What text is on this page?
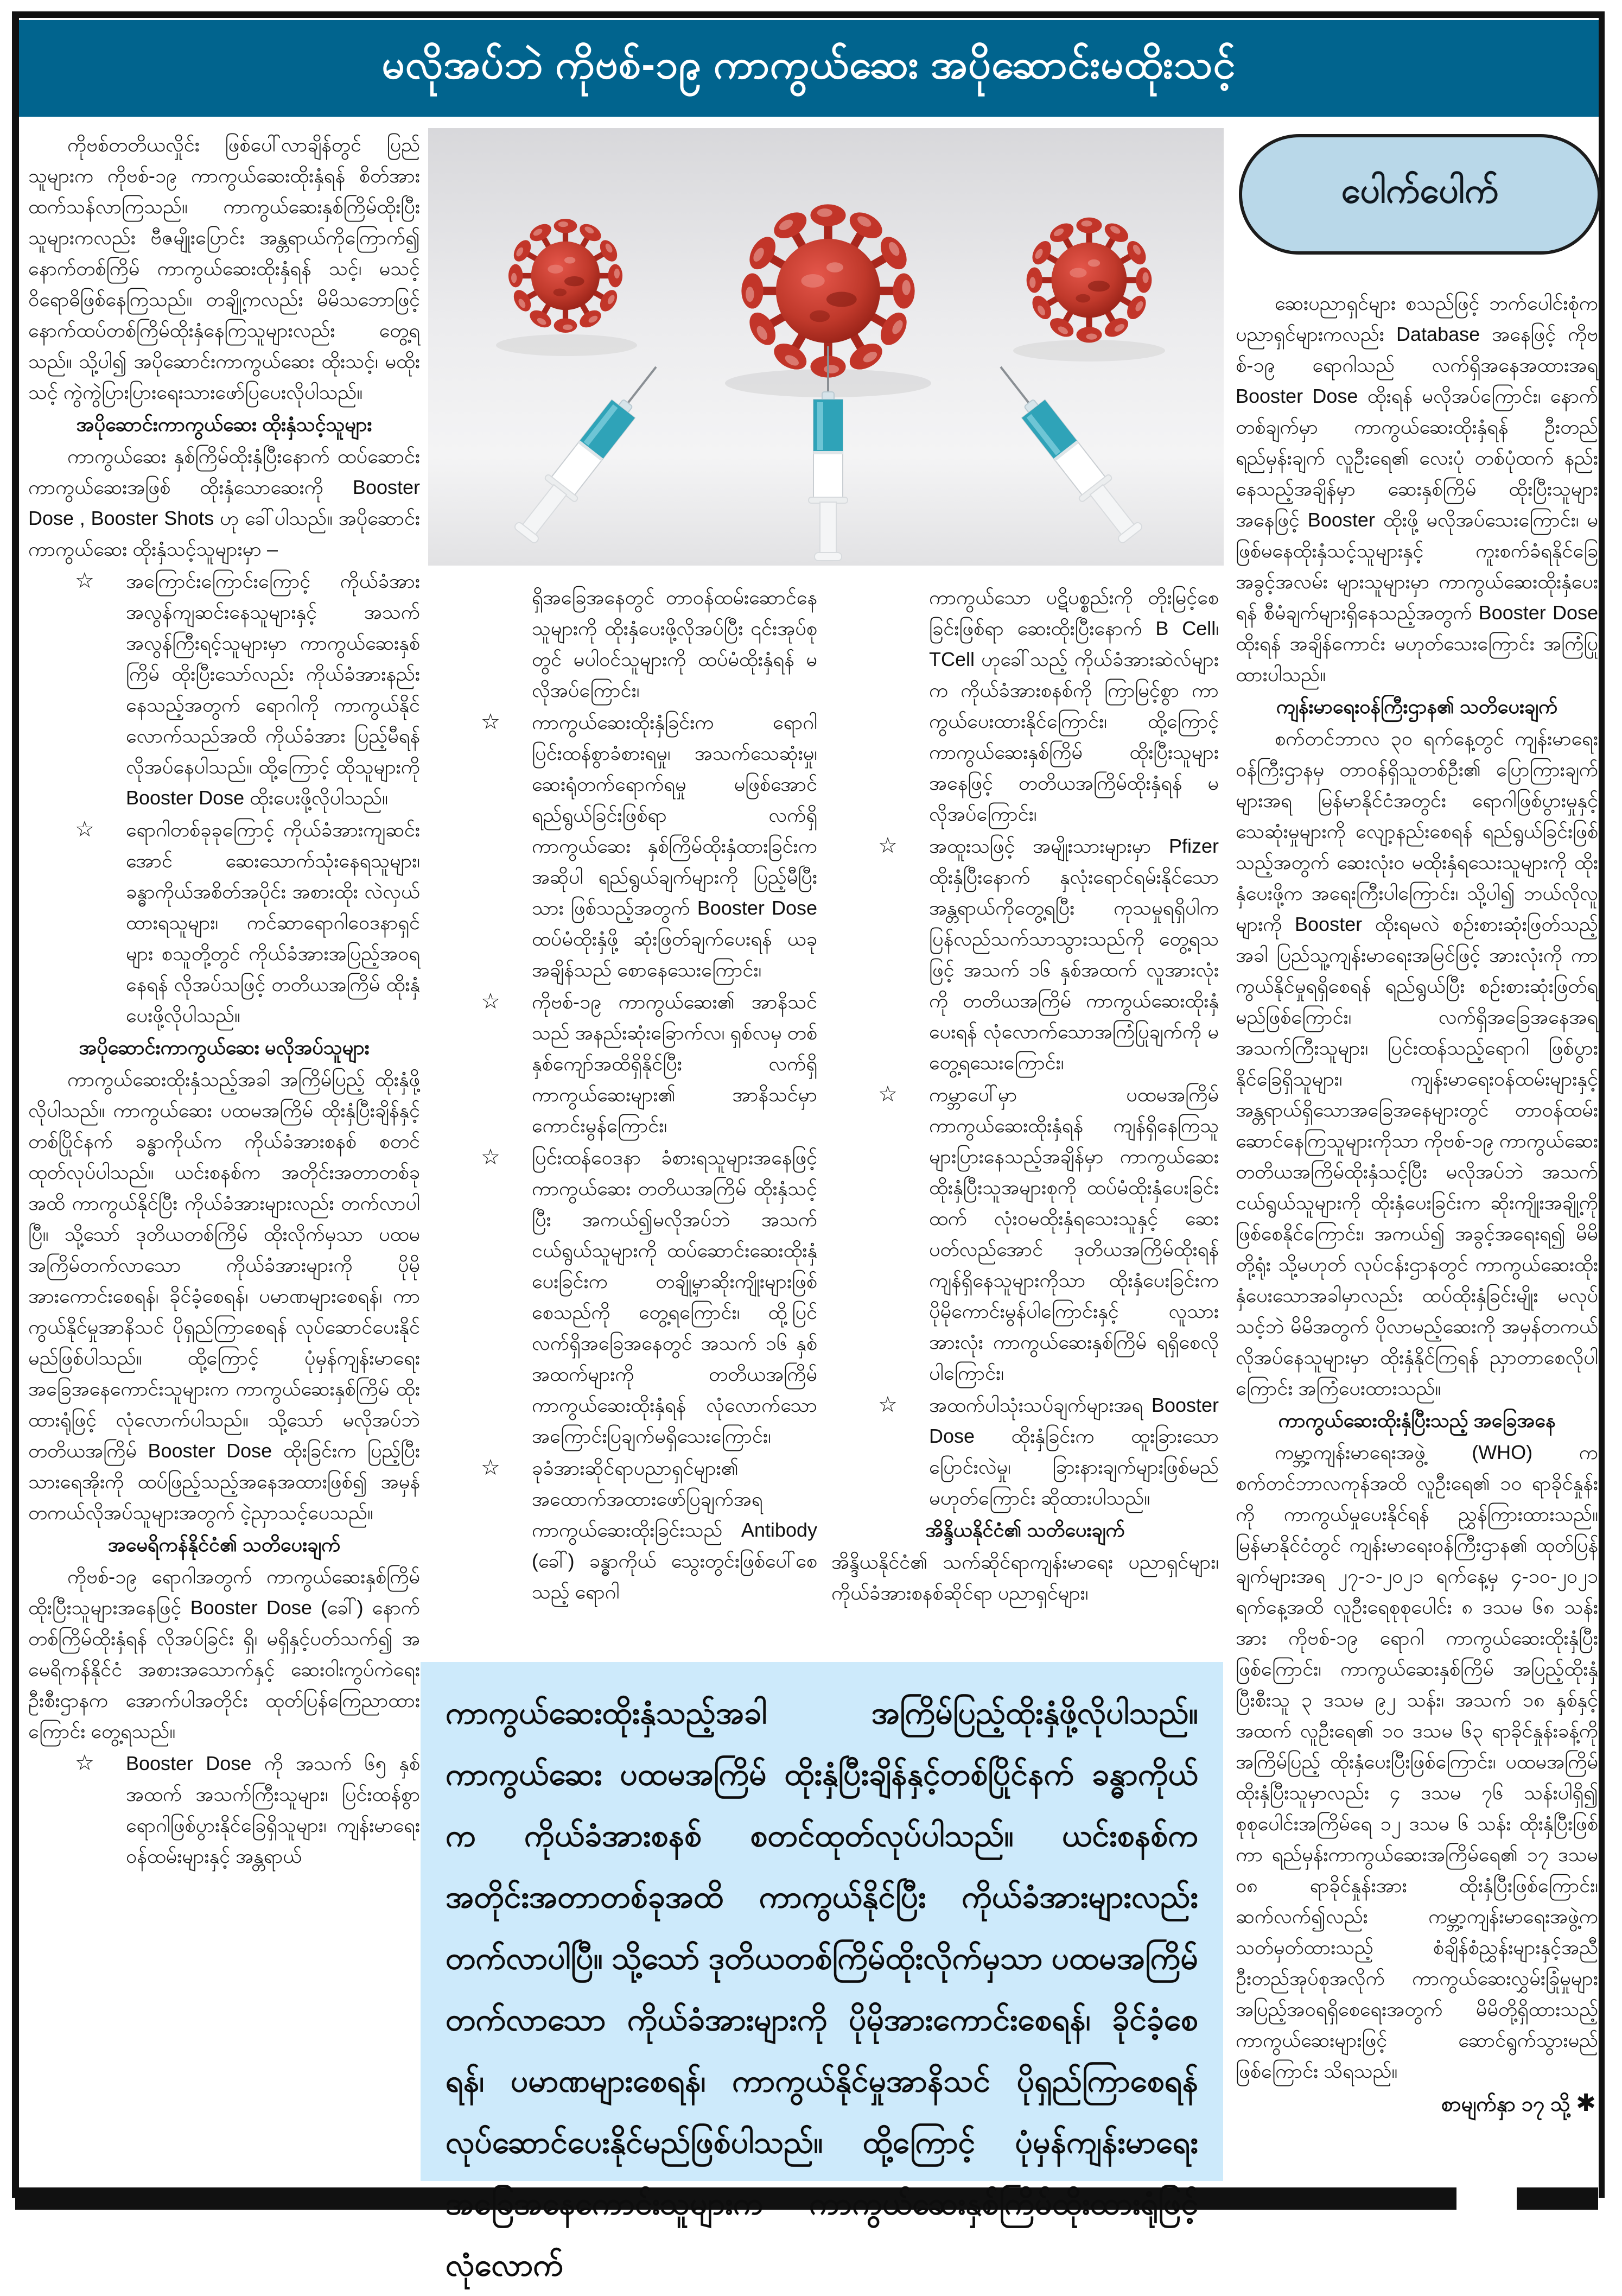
မလိုအပ်ဘဲ ကိုဗစ်-၁၉ ကာကွယ်ဆေး အပိုဆောင်းမထိုးသင့်
ပေါက်ပေါက်

ကိုဗစ်တတိယလှိုင်း ဖြစ်ပေါ်လာချိန်တွင် ပြည်သူများက ကိုဗစ်-၁၉ ကာကွယ်ဆေးထိုးနှံရန် စိတ်အားထက်သန်လာကြသည်။ ကာကွယ်ဆေးနှစ်ကြိမ်ထိုးပြီးသူများကလည်း ဗီဇမျိုးပြောင်း အန္တရာယ်ကိုကြောက်၍ နောက်တစ်ကြိမ် ကာကွယ်ဆေးထိုးနှံရန် သင့်၊ မသင့် ဝိရောဓိဖြစ်နေကြသည်။ တချို့ကလည်း မိမိသဘောဖြင့် နောက်ထပ်တစ်ကြိမ်ထိုးနှံနေကြသူများလည်း တွေ့ရသည်။ သို့ပါ၍ အပိုဆောင်းကာကွယ်ဆေး ထိုးသင့်၊ မထိုးသင့် ကွဲကွဲပြားပြားရေးသားဖော်ပြပေးလိုပါသည်။

အပိုဆောင်းကာကွယ်ဆေး ထိုးနှံသင့်သူများ

ကာကွယ်ဆေး နှစ်ကြိမ်ထိုးနှံပြီးနောက် ထပ်ဆောင်းကာကွယ်ဆေးအဖြစ် ထိုးနှံသောဆေးကို Booster Dose , Booster Shots ဟု ခေါ်ပါသည်။ အပိုဆောင်းကာကွယ်ဆေး ထိုးနှံသင့်သူများမှာ –

☆ အကြောင်းကြောင်းကြောင့် ကိုယ်ခံအား အလွန်ကျဆင်းနေသူများနှင့် အသက်အလွန်ကြီးရင့်သူများမှာ ကာကွယ်ဆေးနှစ်ကြိမ် ထိုးပြီးသော်လည်း ကိုယ်ခံအားနည်းနေသည့်အတွက် ရောဂါကို ကာကွယ်နိုင်လောက်သည်အထိ ကိုယ်ခံအား ပြည့်မီရန် လိုအပ်နေပါသည်။ ထို့ကြောင့် ထိုသူများကို Booster Dose ထိုးပေးဖို့လိုပါသည်။
☆ ရောဂါတစ်ခုခုကြောင့် ကိုယ်ခံအားကျဆင်းအောင် ဆေးသောက်သုံးနေရသူများ၊ ခန္ဓာကိုယ်အစိတ်အပိုင်း အစားထိုး လဲလှယ်ထားရသူများ၊ ကင်ဆာရောဂါဝေဒနာရှင်များ စသူတို့တွင် ကိုယ်ခံအားအပြည့်အဝရနေရန် လိုအပ်သဖြင့် တတိယအကြိမ် ထိုးနှံပေးဖို့လိုပါသည်။

အပိုဆောင်းကာကွယ်ဆေး မလိုအပ်သူများ

ကာကွယ်ဆေးထိုးနှံသည့်အခါ အကြိမ်ပြည့် ထိုးနှံဖို့လိုပါသည်။ ကာကွယ်ဆေး ပထမအကြိမ် ထိုးနှံပြီးချိန်နှင့်တစ်ပြိုင်နက် ခန္ဓာကိုယ်က ကိုယ်ခံအားစနစ် စတင်ထုတ်လုပ်ပါသည်။ ယင်းစနစ်က အတိုင်းအတာတစ်ခုအထိ ကာကွယ်နိုင်ပြီး ကိုယ်ခံအားများလည်း တက်လာပါပြီ။ သို့သော် ဒုတိယတစ်ကြိမ် ထိုးလိုက်မှသာ ပထမအကြိမ်တက်လာသော ကိုယ်ခံအားများကို ပိုမိုအားကောင်းစေရန်၊ ခိုင်ခံ့စေရန်၊ ပမာဏများစေရန်၊ ကာကွယ်နိုင်မှုအာနိသင် ပိုရှည်ကြာစေရန် လုပ်ဆောင်ပေးနိုင်မည်ဖြစ်ပါသည်။ ထို့ကြောင့် ပုံမှန်ကျန်းမာရေးအခြေအနေကောင်းသူများက ကာကွယ်ဆေးနှစ်ကြိမ် ထိုးထားရုံဖြင့် လုံလောက်ပါသည်။ သို့သော် မလိုအပ်ဘဲ တတိယအကြိမ် Booster Dose ထိုးခြင်းက ပြည့်ပြီးသားရေအိုးကို ထပ်ဖြည့်သည့်အနေအထားဖြစ်၍ အမှန်တကယ်လိုအပ်သူများအတွက် ငဲ့ညှာသင့်ပေသည်။

အမေရိကန်နိုင်ငံ၏ သတိပေးချက်

ကိုဗစ်-၁၉ ရောဂါအတွက် ကာကွယ်ဆေးနှစ်ကြိမ်ထိုးပြီးသူများအနေဖြင့် Booster Dose (ခေါ်) နောက်တစ်ကြိမ်ထိုးနှံရန် လိုအပ်ခြင်း ရှိ၊ မရှိနှင့်ပတ်သက်၍ အမေရိကန်နိုင်ငံ အစားအသောက်နှင့် ဆေးဝါးကွပ်ကဲရေးဦးစီးဌာနက အောက်ပါအတိုင်း ထုတ်ပြန်ကြေညာထားကြောင်း တွေ့ရသည်။

☆ Booster Dose ကို အသက် ၆၅ နှစ်အထက် အသက်ကြီးသူများ၊ ပြင်းထန်စွာ ရောဂါဖြစ်ပွားနိုင်ခြေရှိသူများ၊ ကျန်းမာရေးဝန်ထမ်းများနှင့် အန္တရာယ်

ရှိအခြေအနေတွင် တာဝန်ထမ်းဆောင်နေသူများကို ထိုးနှံပေးဖို့လိုအပ်ပြီး ၎င်းအုပ်စုတွင် မပါဝင်သူများကို ထပ်မံထိုးနှံရန် မလိုအပ်ကြောင်း၊

☆ ကာကွယ်ဆေးထိုးနှံခြင်းက ရောဂါပြင်းထန်စွာခံစားရမှု၊ အသက်သေဆုံးမှု၊ ဆေးရုံတက်ရောက်ရမှု မဖြစ်အောင် ရည်ရွယ်ခြင်းဖြစ်ရာ လက်ရှိကာကွယ်ဆေး နှစ်ကြိမ်ထိုးနှံထားခြင်းက အဆိုပါ ရည်ရွယ်ချက်များကို ပြည့်မီပြီးသား ဖြစ်သည့်အတွက် Booster Dose ထပ်မံထိုးနှံဖို့ ဆုံးဖြတ်ချက်ပေးရန် ယခုအချိန်သည် စောနေသေးကြောင်း၊
☆ ကိုဗစ်-၁၉ ကာကွယ်ဆေး၏ အာနိသင်သည် အနည်းဆုံးခြောက်လ၊ ရှစ်လမှ တစ်နှစ်ကျော်အထိရှိနိုင်ပြီး လက်ရှိ ကာကွယ်ဆေးများ၏ အာနိသင်မှာ ကောင်းမွန်ကြောင်း၊
☆ ပြင်းထန်ဝေဒနာ ခံစားရသူများအနေဖြင့် ကာကွယ်ဆေး တတိယအကြိမ် ထိုးနှံသင့်ပြီး အကယ်၍မလိုအပ်ဘဲ အသက်ငယ်ရွယ်သူများကို ထပ်ဆောင်းဆေးထိုးနှံပေးခြင်းက တချို့မှာဆိုးကျိုးများဖြစ်စေသည်ကို တွေ့ရကြောင်း၊ ထို့ပြင် လက်ရှိအခြေအနေတွင် အသက် ၁၆ နှစ်အထက်များကို တတိယအကြိမ် ကာကွယ်ဆေးထိုးနှံရန် လုံလောက်သောအကြောင်းပြချက်မရှိသေးကြောင်း၊
☆ ခုခံအားဆိုင်ရာပညာရှင်များ၏ အထောက်အထားဖော်ပြချက်အရ ကာကွယ်ဆေးထိုးခြင်းသည် Antibody (ခေါ်) ခန္ဓာကိုယ် သွေးတွင်းဖြစ်ပေါ်စေသည့် ရောဂါ

ကာကွယ်သော ပဋိပစ္စည်းကို တိုးမြင့်စေခြင်းဖြစ်ရာ ဆေးထိုးပြီးနောက် B Cell၊ TCell ဟုခေါ်သည့် ကိုယ်ခံအားဆဲလ်များက ကိုယ်ခံအားစနစ်ကို ကြာမြင့်စွာ ကာကွယ်ပေးထားနိုင်ကြောင်း၊ ထို့ကြောင့် ကာကွယ်ဆေးနှစ်ကြိမ် ထိုးပြီးသူများအနေဖြင့် တတိယအကြိမ်ထိုးနှံရန် မလိုအပ်ကြောင်း၊

☆ အထူးသဖြင့် အမျိုးသားများမှာ Pfizer ထိုးနှံပြီးနောက် နှလုံးရောင်ရမ်းနိုင်သော အန္တရာယ်ကိုတွေ့ရပြီး ကုသမှုရရှိပါက ပြန်လည်သက်သာသွားသည်ကို တွေ့ရသဖြင့် အသက် ၁၆ နှစ်အထက် လူအားလုံးကို တတိယအကြိမ် ကာကွယ်ဆေးထိုးနှံပေးရန် လုံလောက်သောအကြံပြုချက်ကို မတွေ့ရသေးကြောင်း၊
☆ ကမ္ဘာပေါ်မှာ ပထမအကြိမ် ကာကွယ်ဆေးထိုးနှံရန် ကျန်ရှိနေကြသူ များပြားနေသည့်အချိန်မှာ ကာကွယ်ဆေးထိုးနှံပြီးသူအများစုကို ထပ်မံထိုးနှံပေးခြင်းထက် လုံးဝမထိုးနှံရသေးသူနှင့် ဆေးပတ်လည်အောင် ဒုတိယအကြိမ်ထိုးရန် ကျန်ရှိနေသူများကိုသာ ထိုးနှံပေးခြင်းက ပိုမိုကောင်းမွန်ပါကြောင်းနှင့် လူသားအားလုံး ကာကွယ်ဆေးနှစ်ကြိမ် ရရှိစေလိုပါကြောင်း၊
☆ အထက်ပါသုံးသပ်ချက်များအရ Booster Dose ထိုးနှံခြင်းက ထူးခြားသောပြောင်းလဲမှု၊ ခြားနားချက်များဖြစ်မည် မဟုတ်ကြောင်း ဆိုထားပါသည်။

အိန္ဒိယနိုင်ငံ၏ သတိပေးချက်

အိန္ဒိယနိုင်ငံ၏ သက်ဆိုင်ရာကျန်းမာရေး ပညာရှင်များ၊ ကိုယ်ခံအားစနစ်ဆိုင်ရာ ပညာရှင်များ၊

ဆေးပညာရှင်များ စသည်ဖြင့် ဘက်ပေါင်းစုံက ပညာရှင်များကလည်း Database အနေဖြင့် ကိုဗစ်-၁၉ ရောဂါသည် လက်ရှိအနေအထားအရ Booster Dose ထိုးရန် မလိုအပ်ကြောင်း၊ နောက်တစ်ချက်မှာ ကာကွယ်ဆေးထိုးနှံရန် ဦးတည်ရည်မှန်းချက် လူဦးရေ၏ လေးပုံ တစ်ပုံထက် နည်းနေသည့်အချိန်မှာ ဆေးနှစ်ကြိမ် ထိုးပြီးသူများအနေဖြင့် Booster ထိုးဖို့ မလိုအပ်သေးကြောင်း၊ မဖြစ်မနေထိုးနှံသင့်သူများနှင့် ကူးစက်ခံရနိုင်ခြေအခွင့်အလမ်း များသူများမှာ ကာကွယ်ဆေးထိုးနှံပေးရန် စီမံချက်များရှိနေသည့်အတွက် Booster Dose ထိုးရန် အချိန်ကောင်း မဟုတ်သေးကြောင်း အကြံပြုထားပါသည်။

ကျန်းမာရေးဝန်ကြီးဌာန၏ သတိပေးချက်

စက်တင်ဘာလ ၃၀ ရက်နေ့တွင် ကျန်းမာရေးဝန်ကြီးဌာနမှ တာဝန်ရှိသူတစ်ဦး၏ ပြောကြားချက်များအရ မြန်မာနိုင်ငံအတွင်း ရောဂါဖြစ်ပွားမှုနှင့် သေဆုံးမှုများကို လျော့နည်းစေရန် ရည်ရွယ်ခြင်းဖြစ်သည့်အတွက် ဆေးလုံးဝ မထိုးနှံရသေးသူများကို ထိုးနှံပေးဖို့က အရေးကြီးပါကြောင်း၊ သို့ပါ၍ ဘယ်လိုလူများကို Booster ထိုးရမလဲ စဉ်းစားဆုံးဖြတ်သည့်အခါ ပြည်သူ့ကျန်းမာရေးအမြင်ဖြင့် အားလုံးကို ကာကွယ်နိုင်မှုရရှိစေရန် ရည်ရွယ်ပြီး စဉ်းစားဆုံးဖြတ်ရမည်ဖြစ်ကြောင်း၊ လက်ရှိအခြေအနေအရ အသက်ကြီးသူများ၊ ပြင်းထန်သည့်ရောဂါ ဖြစ်ပွားနိုင်ခြေရှိသူများ၊ ကျန်းမာရေးဝန်ထမ်းများနှင့် အန္တရာယ်ရှိသောအခြေအနေများတွင် တာဝန်ထမ်းဆောင်နေကြသူများကိုသာ ကိုဗစ်-၁၉ ကာကွယ်ဆေး တတိယအကြိမ်ထိုးနှံသင့်ပြီး မလိုအပ်ဘဲ အသက်ငယ်ရွယ်သူများကို ထိုးနှံပေးခြင်းက ဆိုးကျိုးအချို့ကို ဖြစ်စေနိုင်ကြောင်း၊ အကယ်၍ အခွင့်အရေးရ၍ မိမိတို့ရုံး သို့မဟုတ် လုပ်ငန်းဌာနတွင် ကာကွယ်ဆေးထိုးနှံပေးသောအခါမှာလည်း ထပ်ထိုးနှံခြင်းမျိုး မလုပ်သင့်ဘဲ မိမိအတွက် ပိုလာမည့်ဆေးကို အမှန်တကယ် လိုအပ်နေသူများမှာ ထိုးနှံနိုင်ကြရန် ညှာတာစေလိုပါကြောင်း အကြံပေးထားသည်။

ကာကွယ်ဆေးထိုးနှံပြီးသည့် အခြေအနေ

ကမ္ဘာ့ကျန်းမာရေးအဖွဲ့ (WHO) က စက်တင်ဘာလကုန်အထိ လူဦးရေ၏ ၁၀ ရာခိုင်နှုန်းကို ကာကွယ်မှုပေးနိုင်ရန် ညွှန်ကြားထားသည်။ မြန်မာနိုင်ငံတွင် ကျန်းမာရေးဝန်ကြီးဌာန၏ ထုတ်ပြန်ချက်များအရ ၂၇-၁-၂၀၂၁ ရက်နေ့မှ ၄-၁၀-၂၀၂၁ ရက်နေ့အထိ လူဦးရေစုစုပေါင်း ၈ ဒသမ ၆၈ သန်းအား ကိုဗစ်-၁၉ ရောဂါ ကာကွယ်ဆေးထိုးနှံပြီးဖြစ်ကြောင်း၊ ကာကွယ်ဆေးနှစ်ကြိမ် အပြည့်ထိုးနှံပြီးစီးသူ ၃ ဒသမ ၉၂ သန်း၊ အသက် ၁၈ နှစ်နှင့်အထက် လူဦးရေ၏ ၁၀ ဒသမ ၆၃ ရာခိုင်နှုန်းခန့်ကို အကြိမ်ပြည့် ထိုးနှံပေးပြီးဖြစ်ကြောင်း၊ ပထမအကြိမ် ထိုးနှံပြီးသူမှာလည်း ၄ ဒသမ ၇၆ သန်းပါရှိ၍ စုစုပေါင်းအကြိမ်ရေ ၁၂ ဒသမ ၆ သန်း ထိုးနှံပြီးဖြစ်ကာ ရည်မှန်းကာကွယ်ဆေးအကြိမ်ရေ၏ ၁၇ ဒသမ ၀၈ ရာခိုင်နှုန်းအား ထိုးနှံပြီးဖြစ်ကြောင်း၊ ဆက်လက်၍လည်း ကမ္ဘာ့ကျန်းမာရေးအဖွဲ့က သတ်မှတ်ထားသည့် စံချိန်စံညွှန်းများနှင့်အညီ ဦးတည်အုပ်စုအလိုက် ကာကွယ်ဆေးလွှမ်းခြုံမှုများ အပြည့်အဝရရှိစေရေးအတွက် မိမိတို့ရှိထားသည့် ကာကွယ်ဆေးများဖြင့် ဆောင်ရွက်သွားမည်ဖြစ်ကြောင်း သိရသည်။

စာမျက်နှာ ၁၇ သို့ ✱

ကာကွယ်ဆေးထိုးနှံသည့်အခါ အကြိမ်ပြည့်ထိုးနှံဖို့လိုပါသည်။ ကာကွယ်ဆေး ပထမအကြိမ် ထိုးနှံပြီးချိန်နှင့်တစ်ပြိုင်နက် ခန္ဓာကိုယ်က ကိုယ်ခံအားစနစ် စတင်ထုတ်လုပ်ပါသည်။ ယင်းစနစ်က အတိုင်းအတာတစ်ခုအထိ ကာကွယ်နိုင်ပြီး ကိုယ်ခံအားများလည်း တက်လာပါပြီ။ သို့သော် ဒုတိယတစ်ကြိမ်ထိုးလိုက်မှသာ ပထမအကြိမ်တက်လာသော ကိုယ်ခံအားများကို ပိုမိုအားကောင်းစေရန်၊ ခိုင်ခံ့စေရန်၊ ပမာဏများစေရန်၊ ကာကွယ်နိုင်မှုအာနိသင် ပိုရှည်ကြာစေရန် လုပ်ဆောင်ပေးနိုင်မည်ဖြစ်ပါသည်။ ထို့ကြောင့် ပုံမှန်ကျန်းမာရေးအခြေအနေကောင်းသူများက ကာကွယ်ဆေးနှစ်ကြိမ်ထိုးထားရုံဖြင့် လုံလောက်
